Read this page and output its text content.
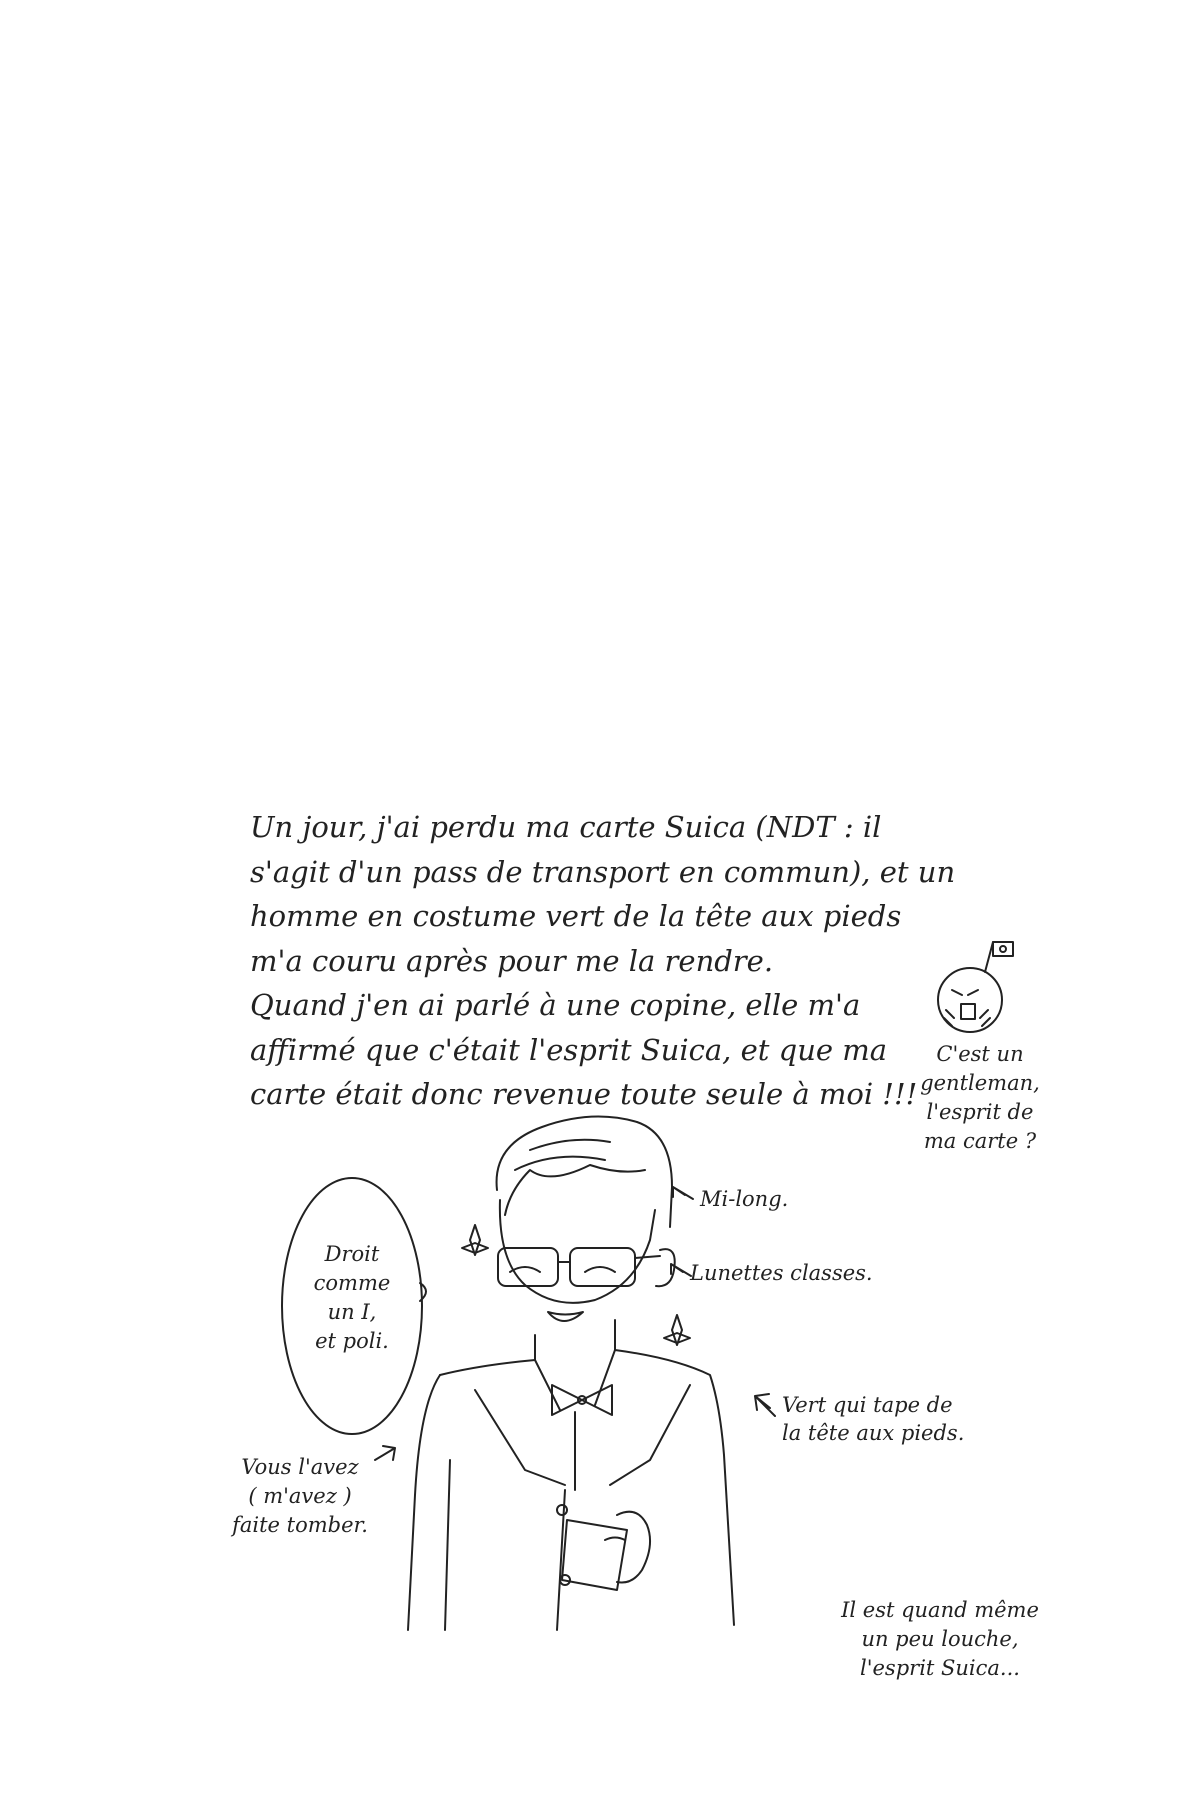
Un jour, j'ai perdu ma carte Suica (NDT : il
s'agit d'un pass de transport en commun), et un
homme en costume vert de la tête aux pieds
m'a couru après pour me la rendre.
Quand j'en ai parlé à une copine, elle m'a
affirmé que c'était l'esprit Suica, et que ma
carte était donc revenue toute seule à moi !!!
C'est un
gentleman,
l'esprit de
ma carte ?
Droit
comme
un I,
et poli.
Mi-long.
Lunettes classes.
Vert qui tape de
la tête aux pieds.
Vous l'avez
( m'avez )
faite tomber.
Il est quand même
un peu louche,
l'esprit Suica...
